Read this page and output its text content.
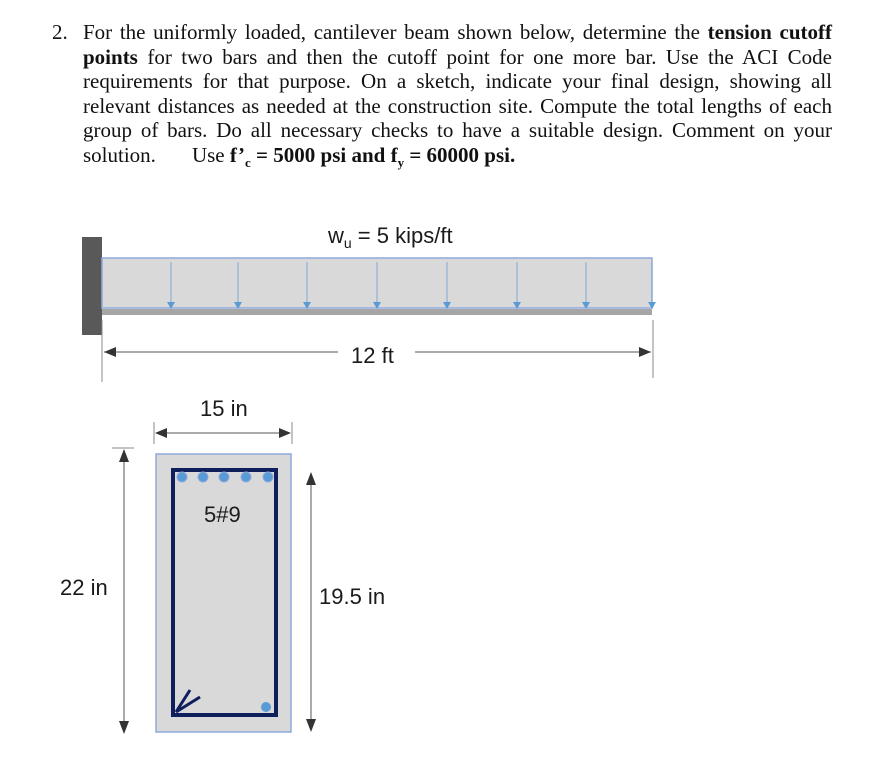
2. For the uniformly loaded, cantilever beam shown below, determine the tension cutoff points for two bars and then the cutoff point for one more bar. Use the ACI Code requirements for that purpose. On a sketch, indicate your final design, showing all relevant distances as needed at the construction site. Compute the total lengths of each group of bars. Do all necessary checks to have a suitable design. Comment on your solution. Use $f’_c = 5000$ psi and $f_y = 60000$ psi.
$w_u = 5$ kips/ft
12 ft
15 in
5#9
22 in	19.5 in
